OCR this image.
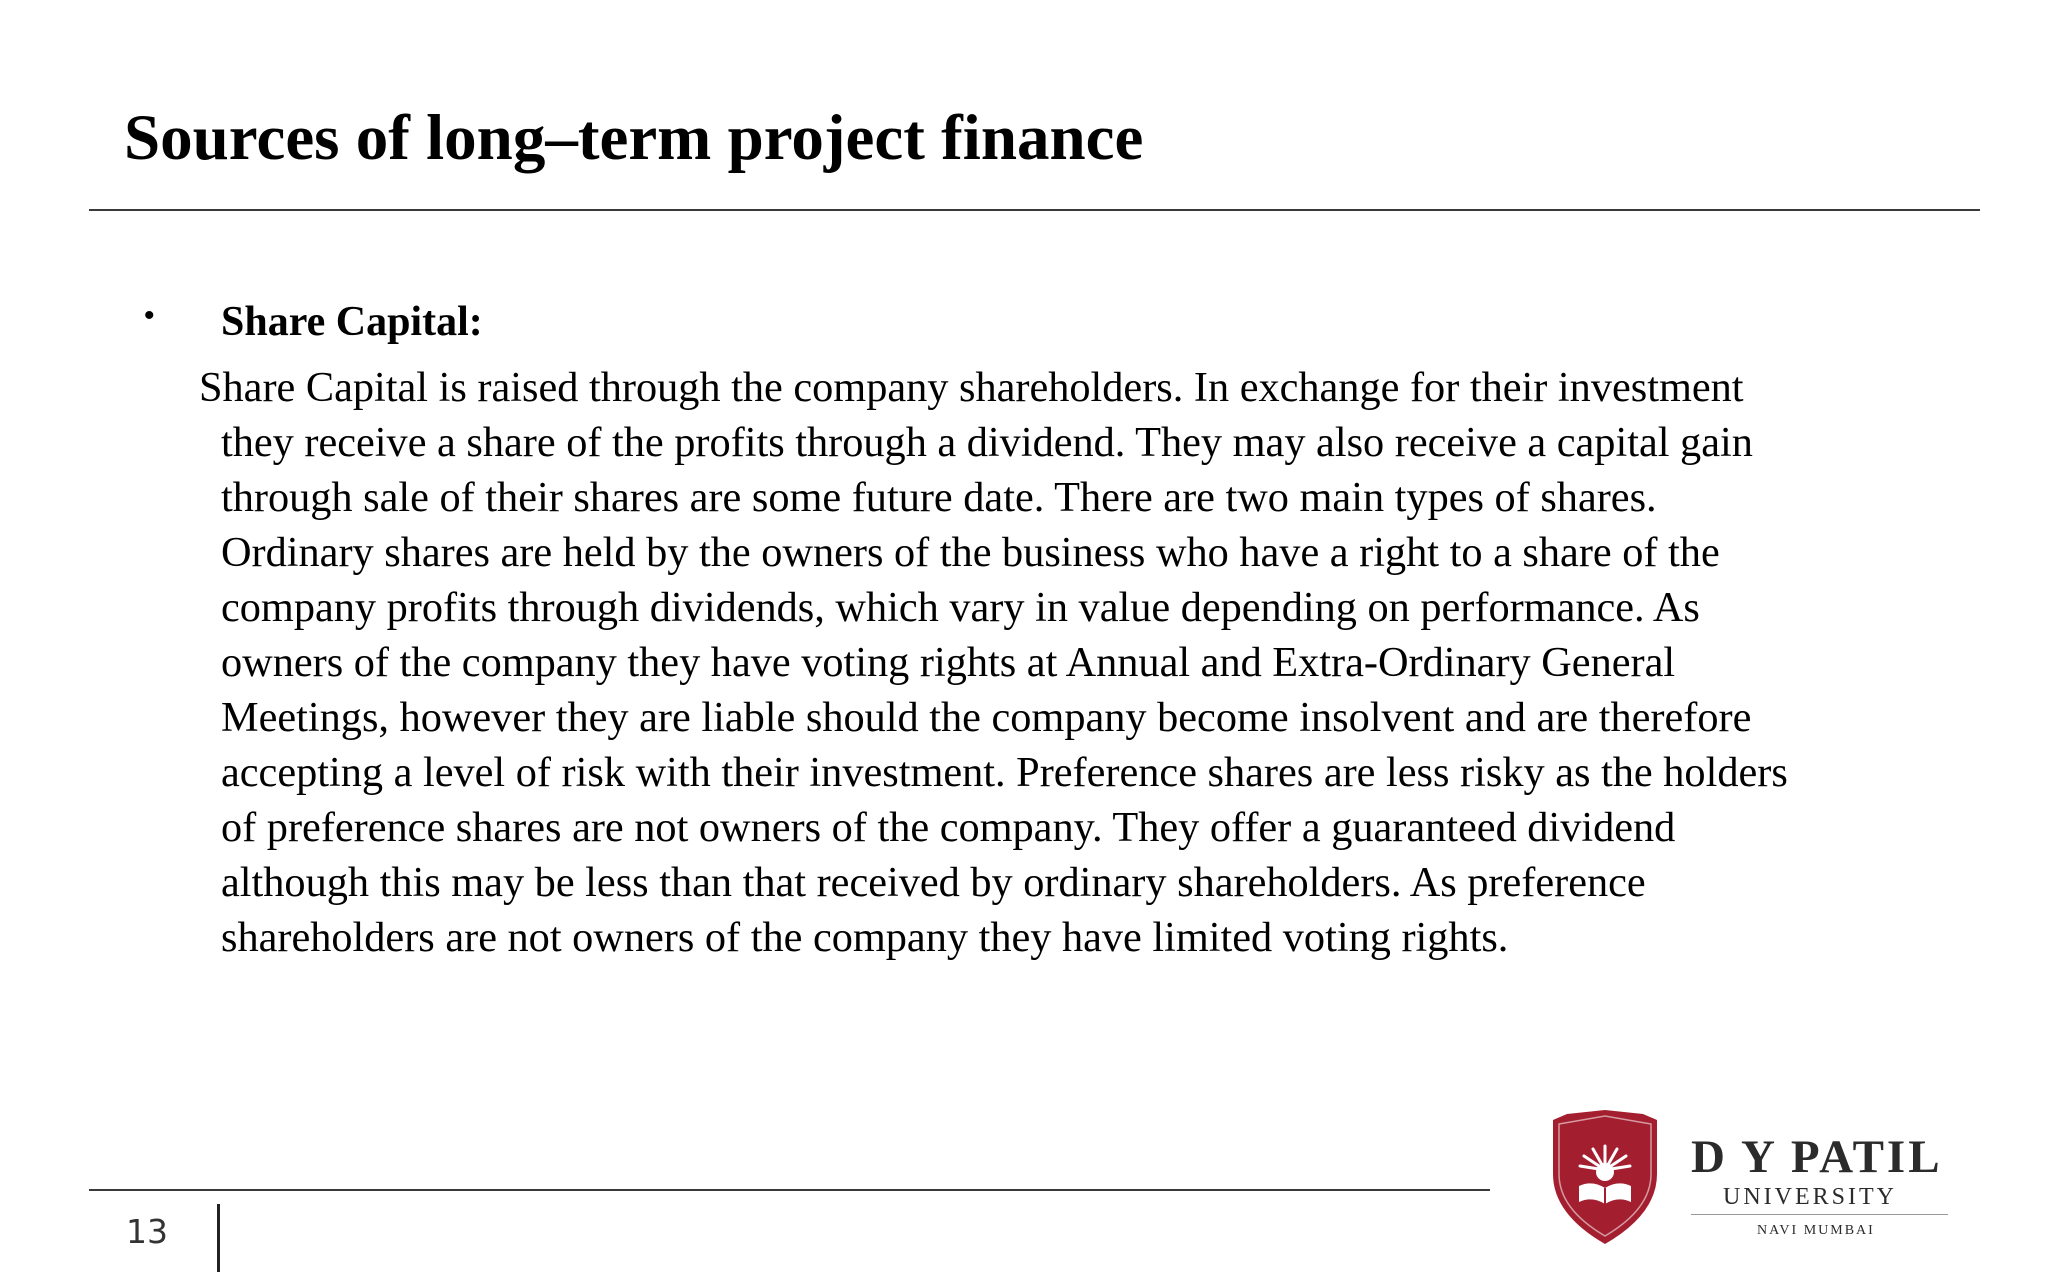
Sources of long–term project finance
• Share Capital:
Share Capital is raised through the company shareholders. In exchange for their investment
they receive a share of the profits through a dividend. They may also receive a capital gain
through sale of their shares are some future date. There are two main types of shares.
Ordinary shares are held by the owners of the business who have a right to a share of the
company profits through dividends, which vary in value depending on performance. As
owners of the company they have voting rights at Annual and Extra-Ordinary General
Meetings, however they are liable should the company become insolvent and are therefore
accepting a level of risk with their investment. Preference shares are less risky as the holders
of preference shares are not owners of the company. They offer a guaranteed dividend
although this may be less than that received by ordinary shareholders. As preference
shareholders are not owners of the company they have limited voting rights.
13
D Y PATIL
UNIVERSITY
NAVI MUMBAI
